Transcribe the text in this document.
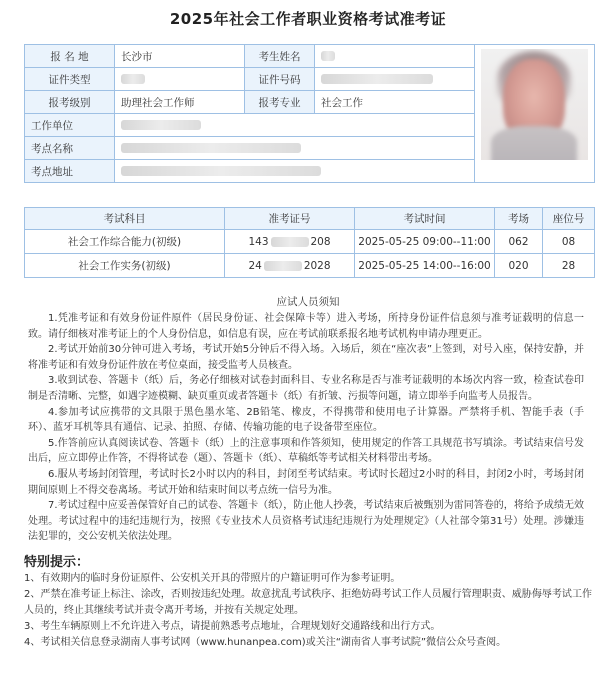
2025年社会工作者职业资格考试准考证
报 名 地	长沙市	考生姓名		

证件类型		证件号码		
报考级别	助理社会工作师	报考专业	社会工作	
工作单位				
考点名称				
考点地址				
考试科目	准考证号	考试时间	考场	座位号
社会工作综合能力(初级)	143 208	2025-05-25 09:00--11:00	062	08
社会工作实务(初级)	24 2028	2025-05-25 14:00--16:00	020	28
应试人员须知

1.凭准考证和有效身份证件原件（居民身份证、社会保障卡等）进入考场，所持身份证件信息须与准考证载明的信息一致。请仔细核对准考证上的个人身份信息，如信息有误，应在考试前联系报名地考试机构申请办理更正。

2.考试开始前30分钟可进入考场，考试开始5分钟后不得入场。入场后，须在“座次表”上签到，对号入座，保持安静，并将准考证和有效身份证件放在考位桌面，接受监考人员核查。

3.收到试卷、答题卡（纸）后，务必仔细核对试卷封面科目、专业名称是否与准考证载明的本场次内容一致，检查试卷印制是否清晰、完整，如遇字迹模糊、缺页重页或者答题卡（纸）有折皱、污损等问题，请立即举手向监考人员报告。

4.参加考试应携带的文具限于黑色墨水笔、2B铅笔、橡皮，不得携带和使用电子计算器。严禁将手机、智能手表（手环）、蓝牙耳机等具有通信、记录、拍照、存储、传输功能的电子设备带至座位。

5.作答前应认真阅读试卷、答题卡（纸）上的注意事项和作答须知，使用规定的作答工具规范书写填涂。考试结束信号发出后，应立即停止作答，不得将试卷（题）、答题卡（纸）、草稿纸等考试相关材料带出考场。

6.服从考场封闭管理，考试时长2小时以内的科目，封闭至考试结束。考试时长超过2小时的科目，封闭2小时，考场封闭期间原则上不得交卷离场。考试开始和结束时间以考点统一信号为准。

7.考试过程中应妥善保管好自己的试卷、答题卡（纸），防止他人抄袭，考试结束后被甄别为雷同答卷的，将给予成绩无效处理。考试过程中的违纪违规行为，按照《专业技术人员资格考试违纪违规行为处理规定》（人社部令第31号）处理。涉嫌违法犯罪的，交公安机关依法处理。

特别提示：

1、有效期内的临时身份证原件、公安机关开具的带照片的户籍证明可作为参考证明。

2、严禁在准考证上标注、涂改，否则按违纪处理。故意扰乱考试秩序、拒绝妨碍考试工作人员履行管理职责、威胁侮辱考试工作人员的，终止其继续考试并责令离开考场，并按有关规定处理。

3、考生车辆原则上不允许进入考点，请提前熟悉考点地址，合理规划好交通路线和出行方式。

4、考试相关信息登录湖南人事考试网（www.hunanpea.com)或关注“湖南省人事考试院”微信公众号查阅。
